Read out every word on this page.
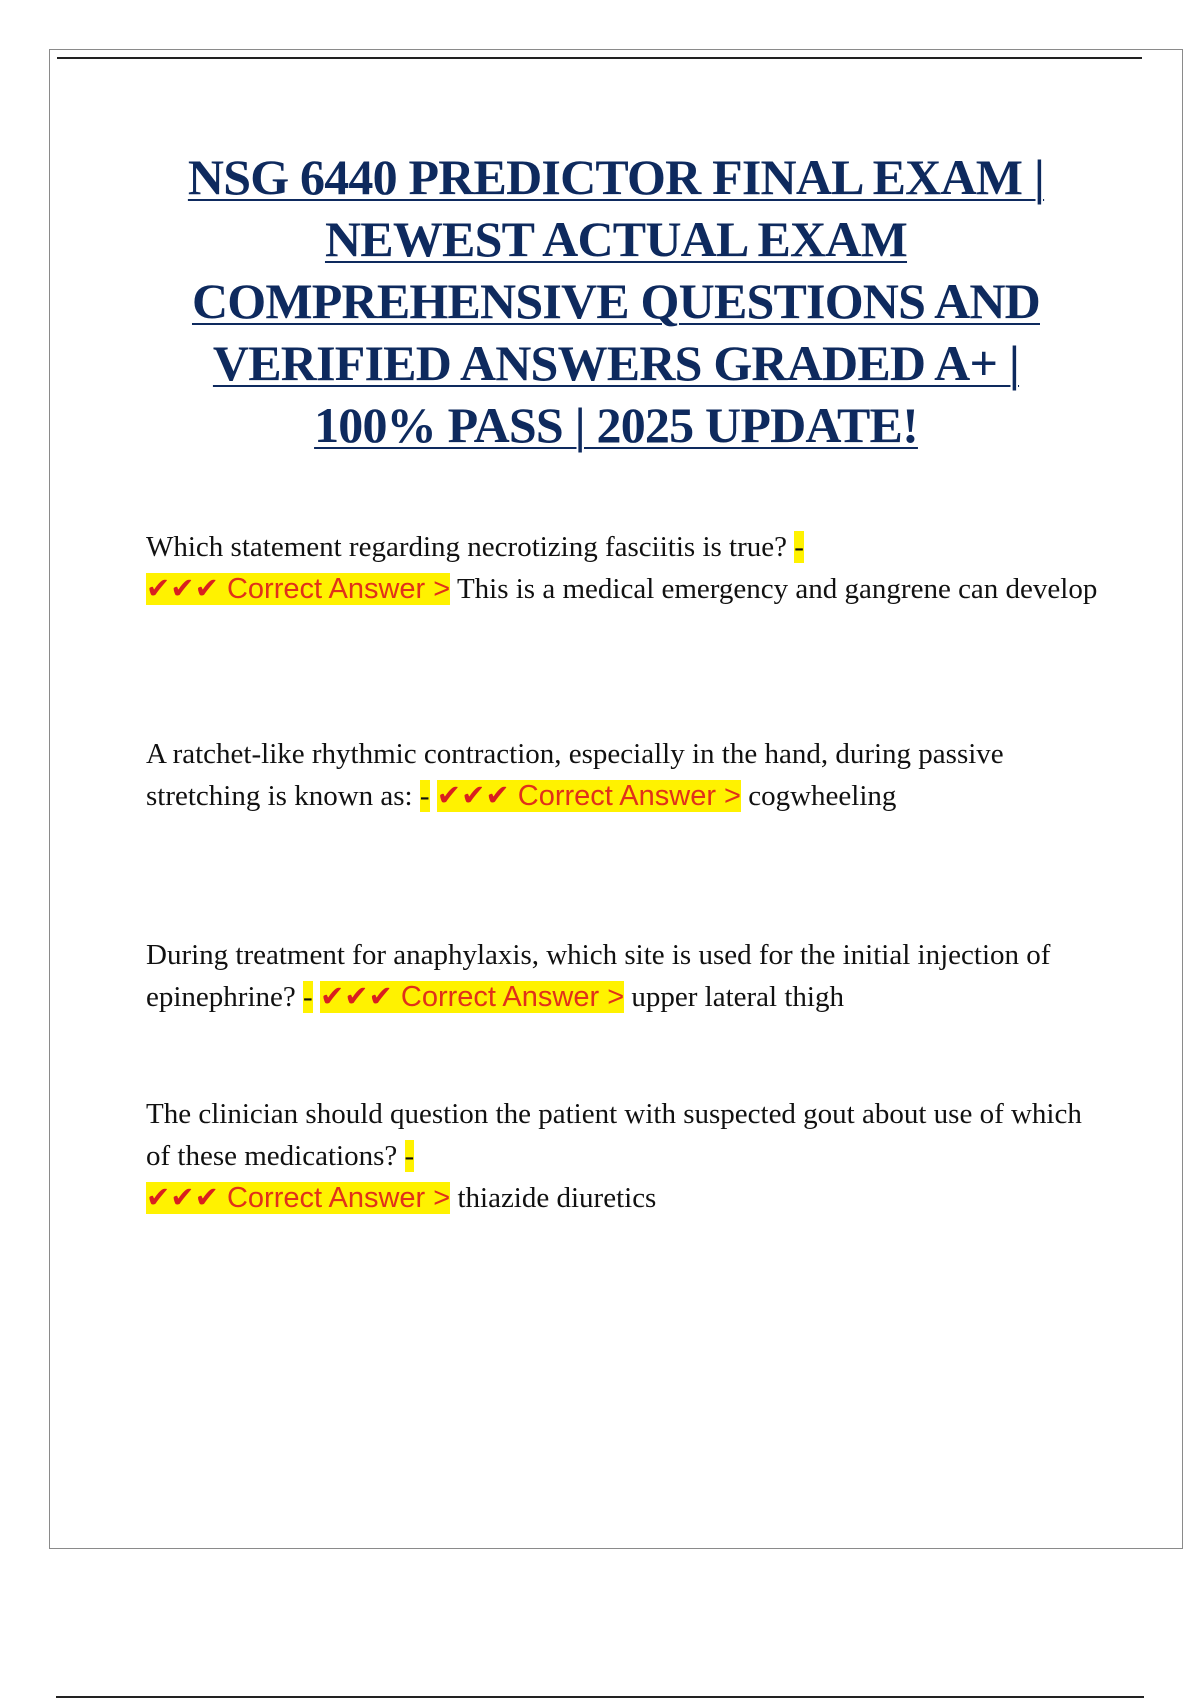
NSG 6440 PREDICTOR FINAL EXAM |
NEWEST ACTUAL EXAM
COMPREHENSIVE QUESTIONS AND
VERIFIED ANSWERS GRADED A+ |
100% PASS | 2025 UPDATE!

Which statement regarding necrotizing fasciitis is true? -
✔✔✔ Correct Answer > This is a medical emergency and gangrene can develop

A ratchet-like rhythmic contraction, especially in the hand, during passive stretching is known as: - ✔✔✔ Correct Answer > cogwheeling

During treatment for anaphylaxis, which site is used for the initial injection of epinephrine? - ✔✔✔ Correct Answer > upper lateral thigh

The clinician should question the patient with suspected gout about use of which of these medications? -
✔✔✔ Correct Answer > thiazide diuretics
